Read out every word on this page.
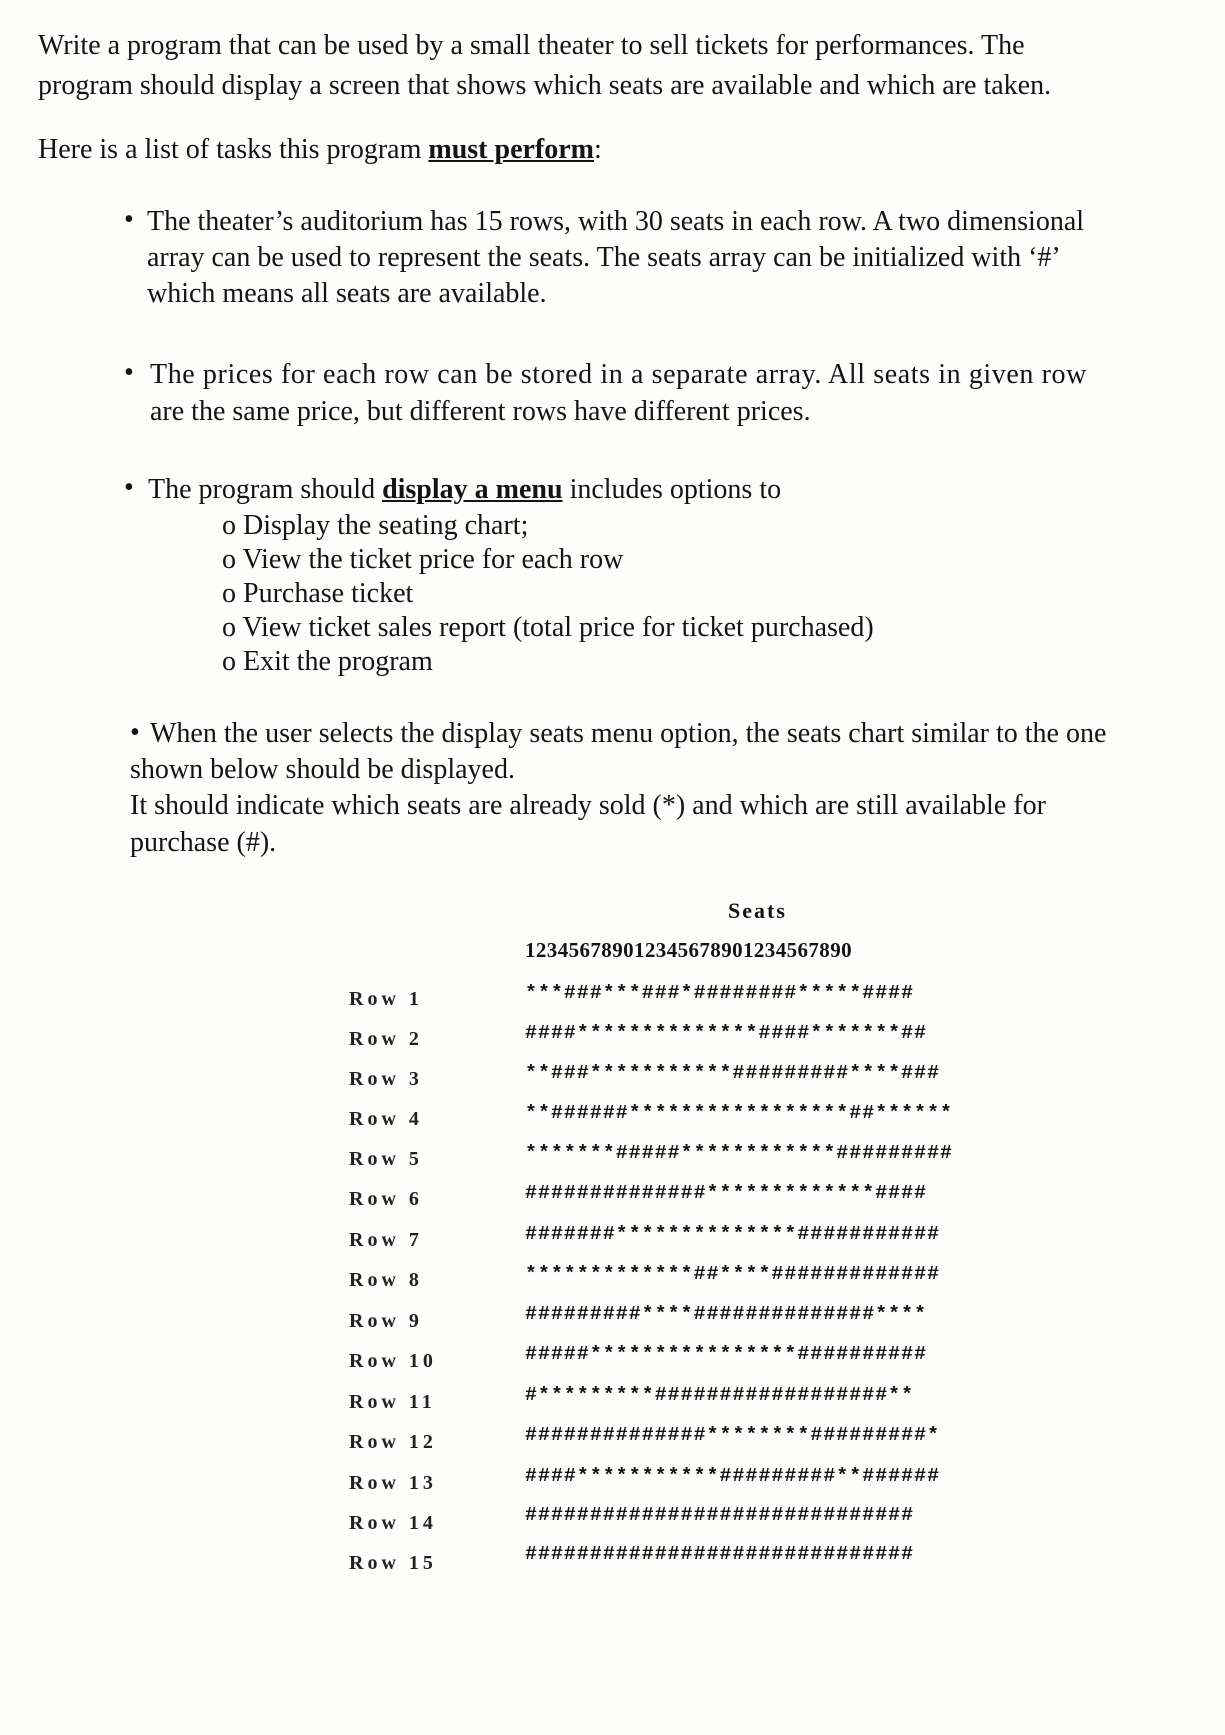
Write a program that can be used by a small theater to sell tickets for performances. The

program should display a screen that shows which seats are available and which are taken.

Here is a list of tasks this program must perform:

• The theater’s auditorium has 15 rows, with 30 seats in each row. A two dimensional

array can be used to represent the seats. The seats array can be initialized with ‘#’

which means all seats are available.

• The prices for each row can be stored in a separate array. All seats in given row

are the same price, but different rows have different prices.

• The program should display a menu includes options to

o Display the seating chart;
o View the ticket price for each row
o Purchase ticket
o View ticket sales report (total price for ticket purchased)
o Exit the program
• When the user selects the display seats menu option, the seats chart similar to the one

shown below should be displayed.

It should indicate which seats are already sold (*) and which are still available for

purchase (#).

Seats
123456789012345678901234567890
Row 1	***###***###*########*****####
Row 2	####**************####*******##
Row 3	**###***********#########****###
Row 4	**######*****************##******
Row 5	*******#####************#########
Row 6	##############*************####
Row 7	#######**************###########
Row 8	*************##****#############
Row 9	#########****##############****
Row 10	#####****************##########
Row 11	#*********##################**
Row 12	##############********#########*
Row 13	####***********#########**######
Row 14	##############################
Row 15	##############################
